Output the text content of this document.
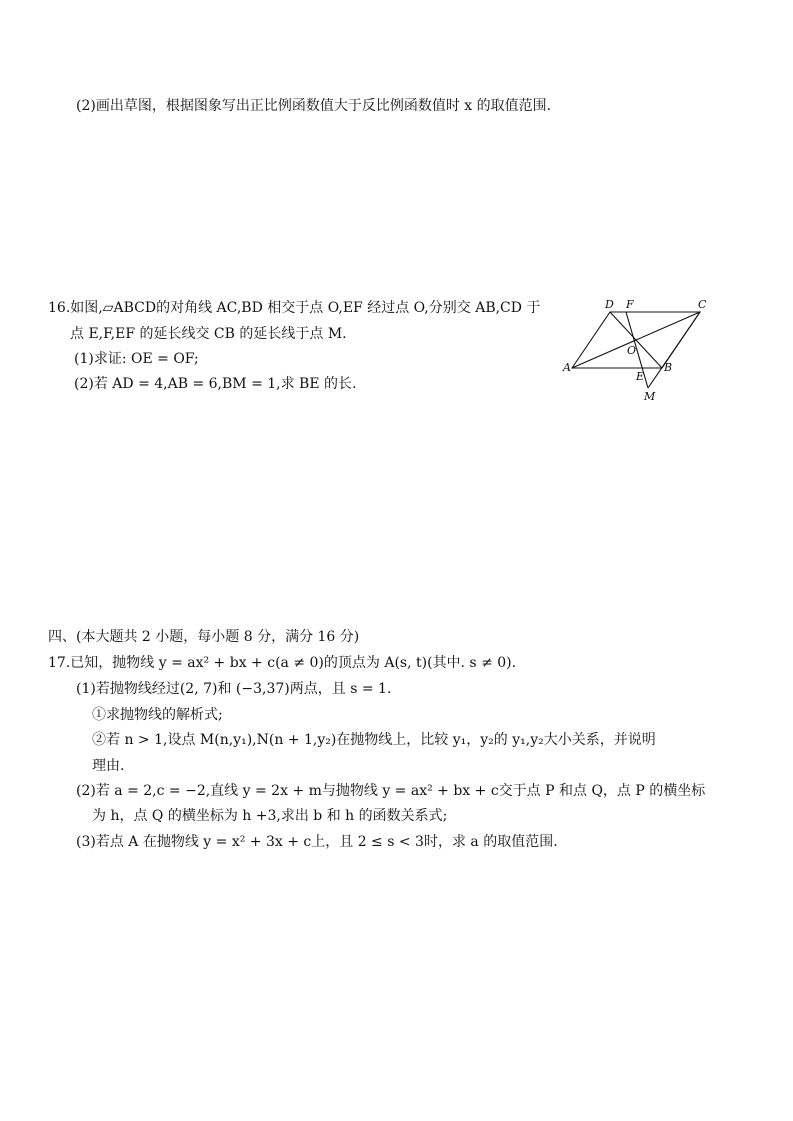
(2)画出草图，根据图象写出正比例函数值大于反比例函数值时 x 的取值范围.
16.如图,▱ABCD的对角线 AC,BD 相交于点 O,EF 经过点 O,分别交 AB,CD 于
点 E,F,EF 的延长线交 CB 的延长线于点 M.
(1)求证: OE = OF;
(2)若 AD = 4,AB = 6,BM = 1,求 BE 的长.
D F	C
O
A
E
B
M
四、(本大题共 2 小题，每小题 8 分，满分 16 分)
17.已知，抛物线 y = ax² + bx + c(a ≠ 0)的顶点为 A(s, t)(其中. s ≠ 0).
(1)若抛物线经过(2, 7)和 (−3,37)两点，且 s = 1.
①求抛物线的解析式;
②若 n > 1,设点 M(n,y₁),N(n + 1,y₂)在抛物线上，比较 y₁，y₂的 y₁,y₂大小关系，并说明
理由.
(2)若 a = 2,c = −2,直线 y = 2x + m与抛物线 y = ax² + bx + c交于点 P 和点 Q，点 P 的横坐标
为 h，点 Q 的横坐标为 h +3,求出 b 和 h 的函数关系式;
(3)若点 A 在抛物线 y = x² + 3x + c上，且 2 ≤ s < 3时，求 a 的取值范围.
